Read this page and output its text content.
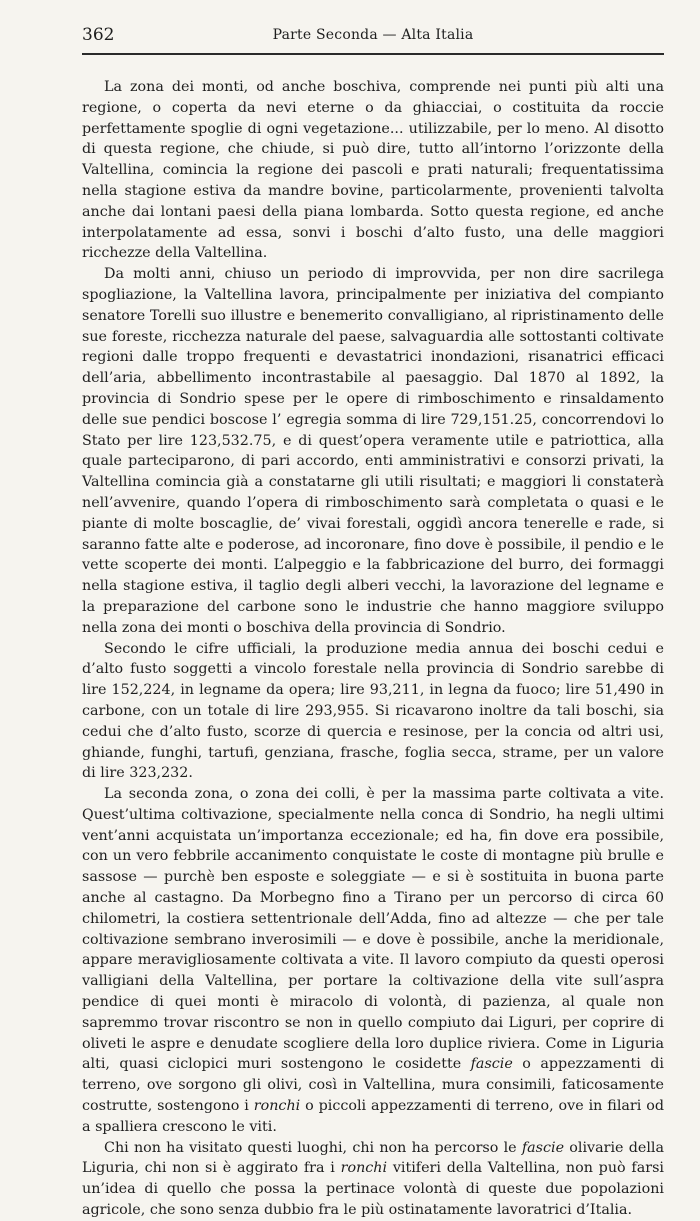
362	Parte Seconda — Alta Italia

La zona dei monti, od anche boschiva, comprende nei punti più alti una regione, o coperta da nevi eterne o da ghiacciai, o costituita da roccie perfettamente spoglie di ogni vegetazione... utilizzabile, per lo meno. Al disotto di questa regione, che chiude, si può dire, tutto all’intorno l’orizzonte della Valtellina, comincia la regione dei pascoli e prati naturali; frequentatissima nella stagione estiva da mandre bovine, particolarmente, provenienti talvolta anche dai lontani paesi della piana lombarda. Sotto questa regione, ed anche interpolatamente ad essa, sonvi i boschi d’alto fusto, una delle maggiori ricchezze della Valtellina.

Da molti anni, chiuso un periodo di improvvida, per non dire sacrilega spogliazione, la Valtellina lavora, principalmente per iniziativa del compianto senatore Torelli suo illustre e benemerito convalligiano, al ripristinamento delle sue foreste, ricchezza naturale del paese, salvaguardia alle sottostanti coltivate regioni dalle troppo frequenti e devastatrici inondazioni, risanatrici efficaci dell’aria, abbellimento incontrastabile al paesaggio. Dal 1870 al 1892, la provincia di Sondrio spese per le opere di rimboschimento e rinsaldamento delle sue pendici boscose l’ egregia somma di lire 729,151.25, concorrendovi lo Stato per lire 123,532.75, e di quest’opera veramente utile e patriottica, alla quale parteciparono, di pari accordo, enti amministrativi e consorzi privati, la Valtellina comincia già a constatarne gli utili risultati; e maggiori li constaterà nell’avvenire, quando l’opera di rimboschimento sarà completata o quasi e le piante di molte boscaglie, de’ vivai forestali, oggidì ancora tenerelle e rade, si saranno fatte alte e poderose, ad incoronare, fino dove è possibile, il pendio e le vette scoperte dei monti. L’alpeggio e la fabbricazione del burro, dei formaggi nella stagione estiva, il taglio degli alberi vecchi, la lavorazione del legname e la preparazione del carbone sono le industrie che hanno maggiore sviluppo nella zona dei monti o boschiva della provincia di Sondrio.

Secondo le cifre ufficiali, la produzione media annua dei boschi cedui e d’alto fusto soggetti a vincolo forestale nella provincia di Sondrio sarebbe di lire 152,224, in legname da opera; lire 93,211, in legna da fuoco; lire 51,490 in carbone, con un totale di lire 293,955. Si ricavarono inoltre da tali boschi, sia cedui che d’alto fusto, scorze di quercia e resinose, per la concia od altri usi, ghiande, funghi, tartufi, genziana, frasche, foglia secca, strame, per un valore di lire 323,232.

La seconda zona, o zona dei colli, è per la massima parte coltivata a vite. Quest’ultima coltivazione, specialmente nella conca di Sondrio, ha negli ultimi vent’anni acquistata un’importanza eccezionale; ed ha, fin dove era possibile, con un vero febbrile accanimento conquistate le coste di montagne più brulle e sassose — purchè ben esposte e soleggiate — e si è sostituita in buona parte anche al castagno. Da Morbegno fino a Tirano per un percorso di circa 60 chilometri, la costiera settentrionale dell’Adda, fino ad altezze — che per tale coltivazione sembrano inverosimili — e dove è possibile, anche la meridionale, appare meravigliosamente coltivata a vite. Il lavoro compiuto da questi operosi valligiani della Valtellina, per portare la coltivazione della vite sull’aspra pendice di quei monti è miracolo di volontà, di pazienza, al quale non sapremmo trovar riscontro se non in quello compiuto dai Liguri, per coprire di oliveti le aspre e denudate scogliere della loro duplice riviera. Come in Liguria alti, quasi ciclopici muri sostengono le cosidette fascie o appezzamenti di terreno, ove sorgono gli olivi, così in Valtellina, mura consimili, faticosamente costrutte, sostengono i ronchi o piccoli appezzamenti di terreno, ove in filari od a spalliera crescono le viti.

Chi non ha visitato questi luoghi, chi non ha percorso le fascie olivarie della Liguria, chi non si è aggirato fra i ronchi vitiferi della Valtellina, non può farsi un’idea di quello che possa la pertinace volontà di queste due popolazioni agricole, che sono senza dubbio fra le più ostinatamente lavoratrici d’Italia.
